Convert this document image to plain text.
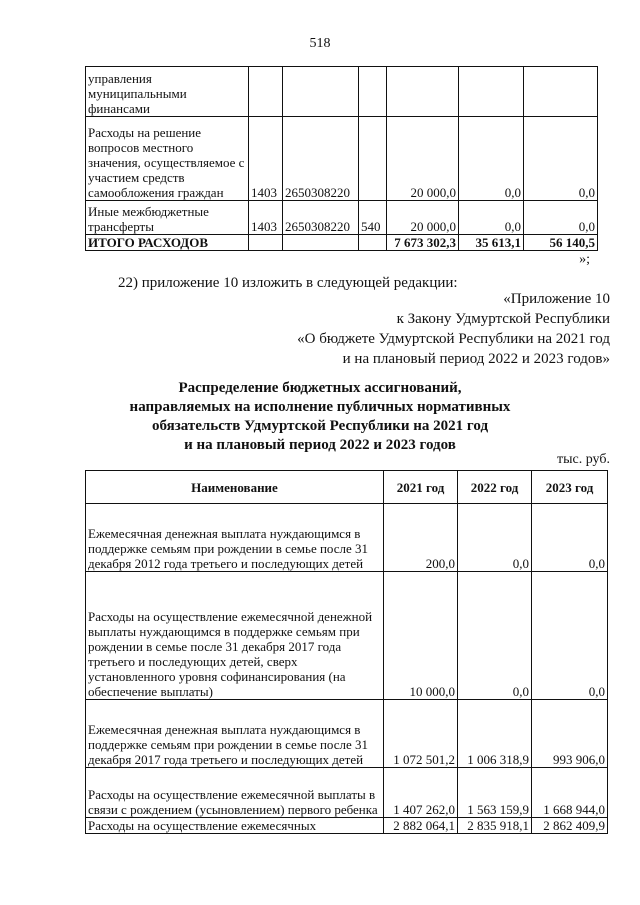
518
управления муниципальными финансами						
Расходы на решение вопросов местного значения, осуществляемое с участием средств самообложения граждан	1403	2650308220		20 000,0	0,0	0,0
Иные межбюджетные трансферты	1403	2650308220	540	20 000,0	0,0	0,0
ИТОГО РАСХОДОВ				7 673 302,3	35 613,1	56 140,5
»;
22) приложение 10 изложить в следующей редакции:
«Приложение 10
к Закону Удмуртской Республики
«О бюджете Удмуртской Республики на 2021 год
и на плановый период 2022 и 2023 годов»
Распределение бюджетных ассигнований,
направляемых на исполнение публичных нормативных
обязательств Удмуртской Республики на 2021 год
и на плановый период 2022 и 2023 годов
тыс. руб.
Наименование	2021 год	2022 год	2023 год
Ежемесячная денежная выплата нуждающимся в поддержке семьям при рождении в семье после 31 декабря 2012 года третьего и последующих детей	200,0	0,0	0,0
Расходы на осуществление ежемесячной денежной выплаты нуждающимся в поддержке семьям при рождении в семье после 31 декабря 2017 года третьего и последующих детей, сверх установленного уровня софинансирования (на обеспечение выплаты)	10 000,0	0,0	0,0
Ежемесячная денежная выплата нуждающимся в поддержке семьям при рождении в семье после 31 декабря 2017 года третьего и последующих детей	1 072 501,2	1 006 318,9	993 906,0
Расходы на осуществление ежемесячной выплаты в связи с рождением (усыновлением) первого ребенка	1 407 262,0	1 563 159,9	1 668 944,0
Расходы на осуществление ежемесячных	2 882 064,1	2 835 918,1	2 862 409,9
